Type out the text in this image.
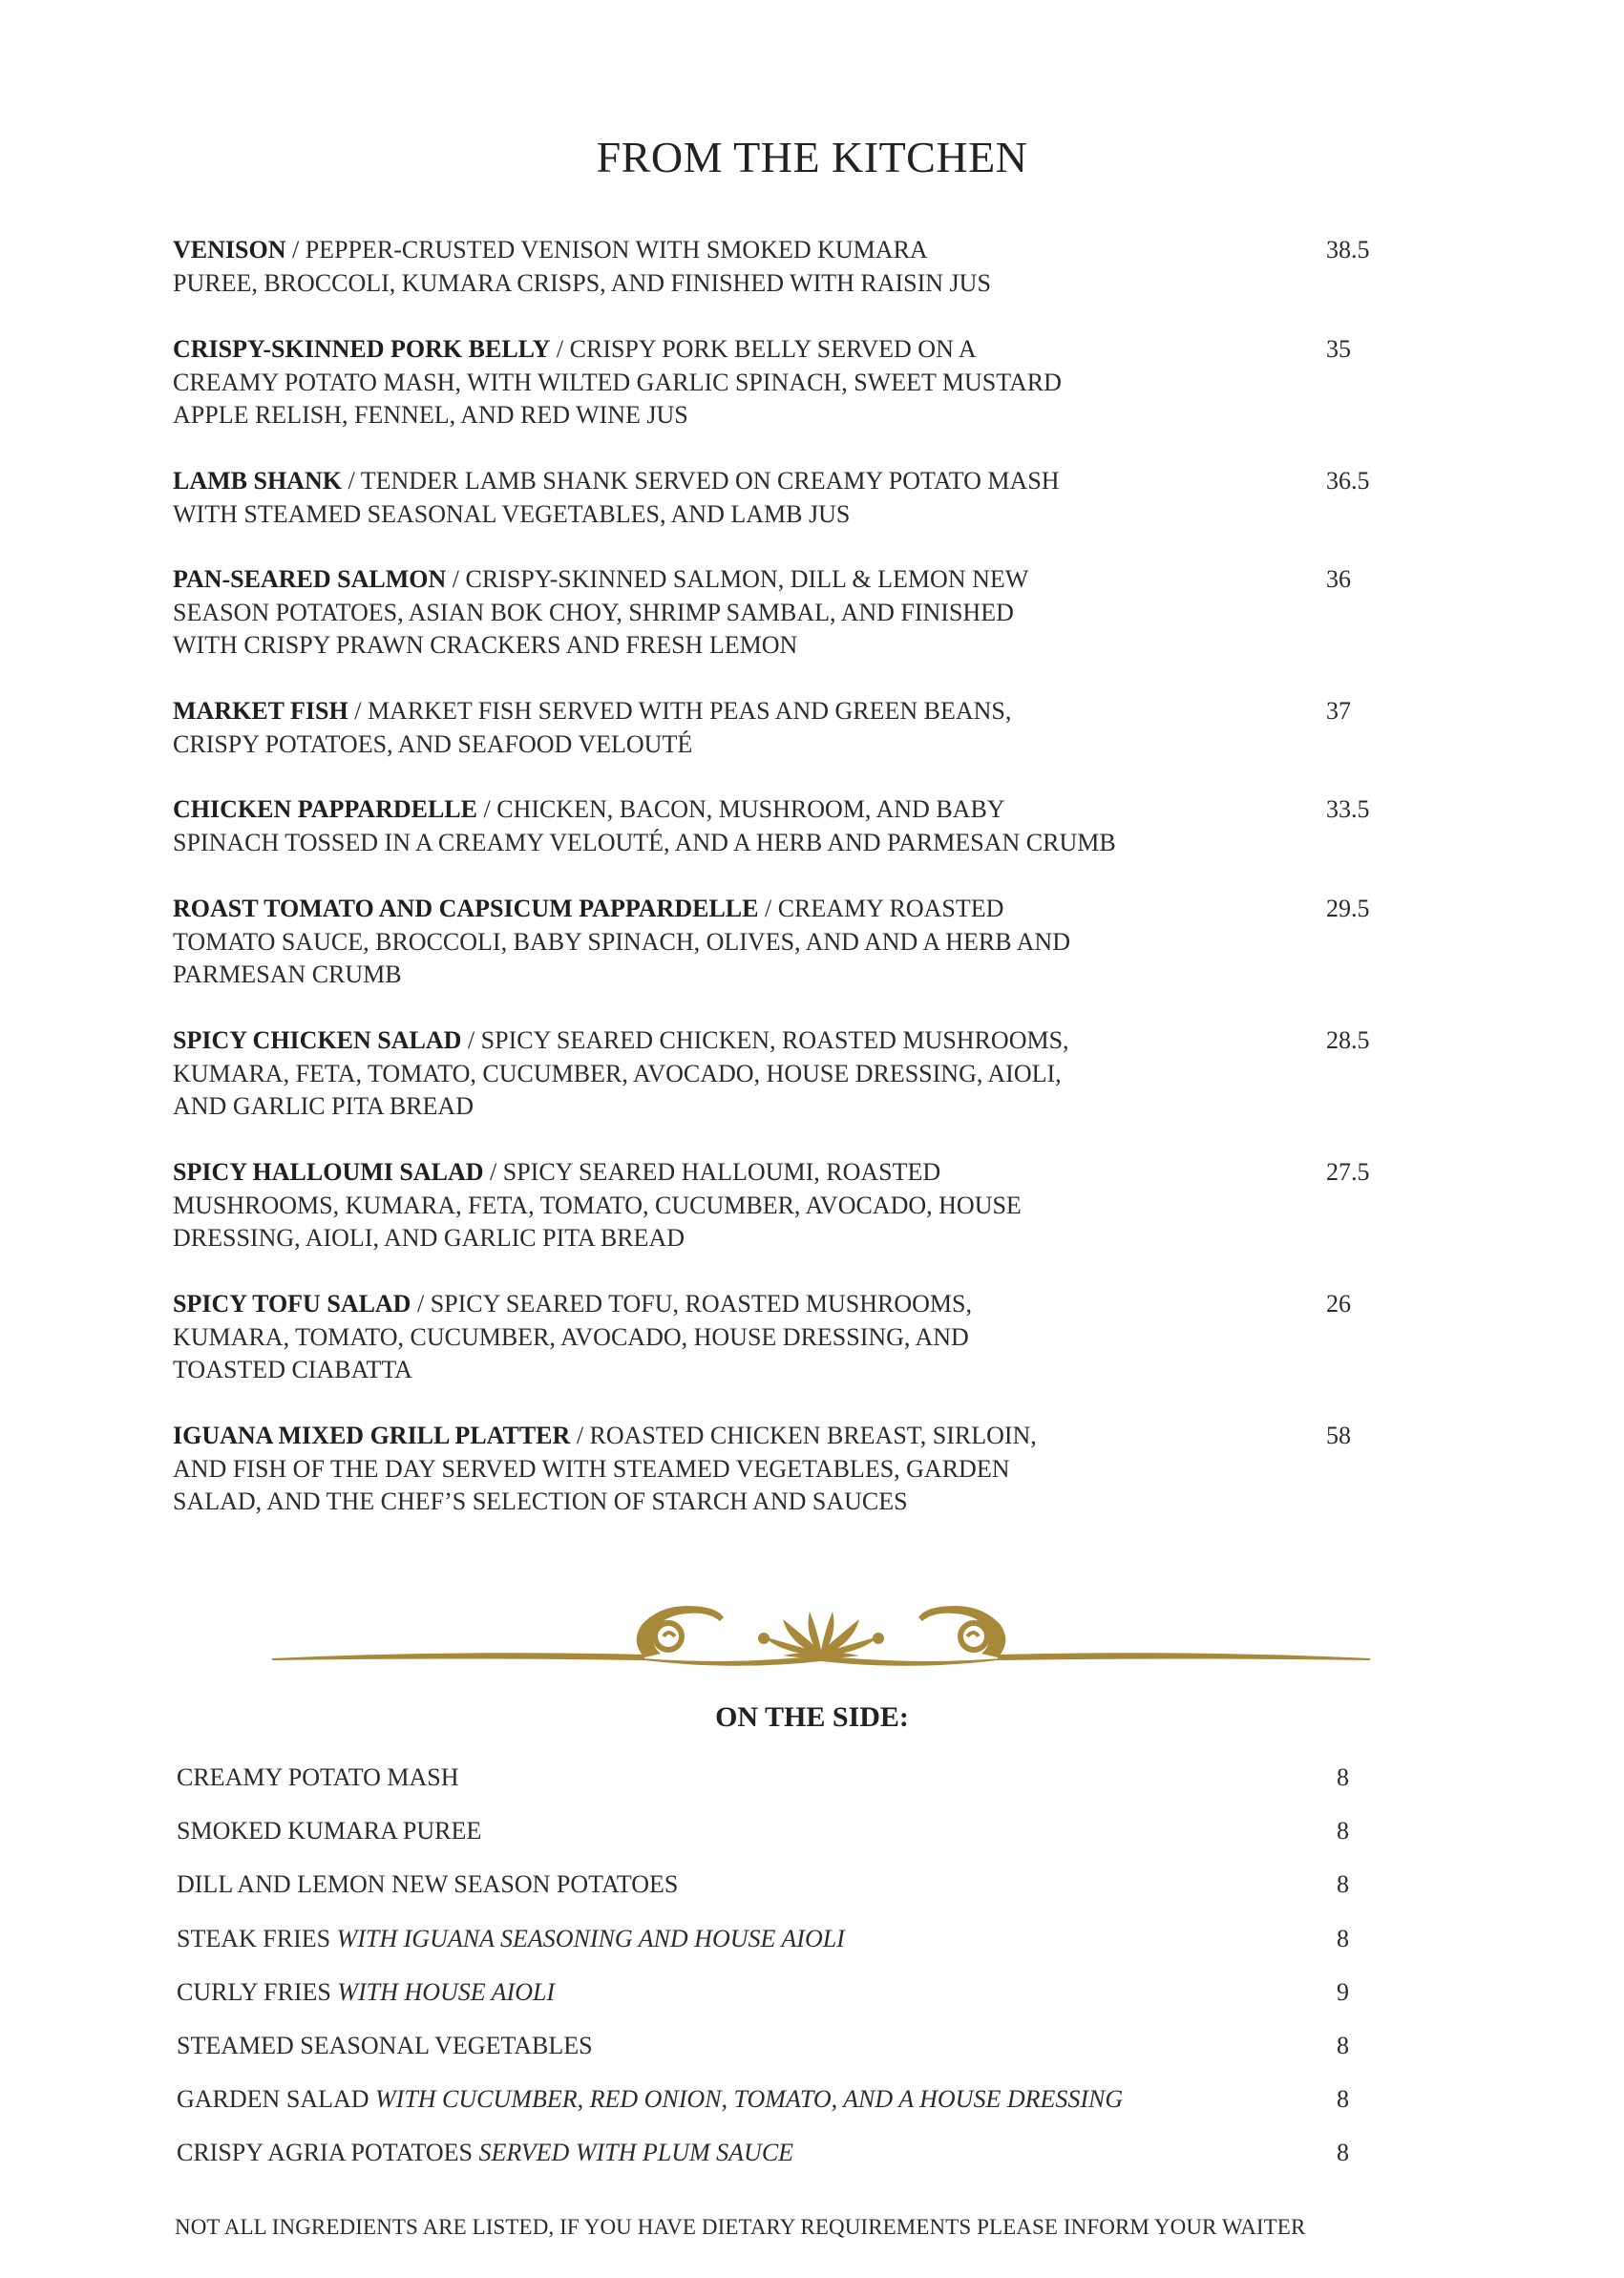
FROM THE KITCHEN
VENISON / PEPPER-CRUSTED VENISON WITH SMOKED KUMARA
PUREE, BROCCOLI, KUMARA CRISPS, AND FINISHED WITH RAISIN JUS
38.5
CRISPY-SKINNED PORK BELLY / CRISPY PORK BELLY SERVED ON A
CREAMY POTATO MASH, WITH WILTED GARLIC SPINACH, SWEET MUSTARD
APPLE RELISH, FENNEL, AND RED WINE JUS
35
LAMB SHANK / TENDER LAMB SHANK SERVED ON CREAMY POTATO MASH
WITH STEAMED SEASONAL VEGETABLES, AND LAMB JUS
36.5
PAN-SEARED SALMON / CRISPY-SKINNED SALMON, DILL & LEMON NEW
SEASON POTATOES, ASIAN BOK CHOY, SHRIMP SAMBAL, AND FINISHED
WITH CRISPY PRAWN CRACKERS AND FRESH LEMON
36
MARKET FISH / MARKET FISH SERVED WITH PEAS AND GREEN BEANS,
CRISPY POTATOES, AND SEAFOOD VELOUTÉ
37
CHICKEN PAPPARDELLE / CHICKEN, BACON, MUSHROOM, AND BABY
SPINACH TOSSED IN A CREAMY VELOUTÉ, AND A HERB AND PARMESAN CRUMB
33.5
ROAST TOMATO AND CAPSICUM PAPPARDELLE / CREAMY ROASTED
TOMATO SAUCE, BROCCOLI, BABY SPINACH, OLIVES, AND AND A HERB AND
PARMESAN CRUMB
29.5
SPICY CHICKEN SALAD / SPICY SEARED CHICKEN, ROASTED MUSHROOMS,
KUMARA, FETA, TOMATO, CUCUMBER, AVOCADO, HOUSE DRESSING, AIOLI,
AND GARLIC PITA BREAD
28.5
SPICY HALLOUMI SALAD / SPICY SEARED HALLOUMI, ROASTED
MUSHROOMS, KUMARA, FETA, TOMATO, CUCUMBER, AVOCADO, HOUSE
DRESSING, AIOLI, AND GARLIC PITA BREAD
27.5
SPICY TOFU SALAD / SPICY SEARED TOFU, ROASTED MUSHROOMS,
KUMARA, TOMATO, CUCUMBER, AVOCADO, HOUSE DRESSING, AND
TOASTED CIABATTA
26
IGUANA MIXED GRILL PLATTER / ROASTED CHICKEN BREAST, SIRLOIN,
AND FISH OF THE DAY SERVED WITH STEAMED VEGETABLES, GARDEN
SALAD, AND THE CHEF’S SELECTION OF STARCH AND SAUCES
58
ON THE SIDE:
CREAMY POTATO MASH	8
SMOKED KUMARA PUREE	8
DILL AND LEMON NEW SEASON POTATOES	8
STEAK FRIES WITH IGUANA SEASONING AND HOUSE AIOLI	8
CURLY FRIES WITH HOUSE AIOLI	9
STEAMED SEASONAL VEGETABLES	8
GARDEN SALAD WITH CUCUMBER, RED ONION, TOMATO, AND A HOUSE DRESSING	8
CRISPY AGRIA POTATOES SERVED WITH PLUM SAUCE	8
NOT ALL INGREDIENTS ARE LISTED, IF YOU HAVE DIETARY REQUIREMENTS PLEASE INFORM YOUR WAITER
